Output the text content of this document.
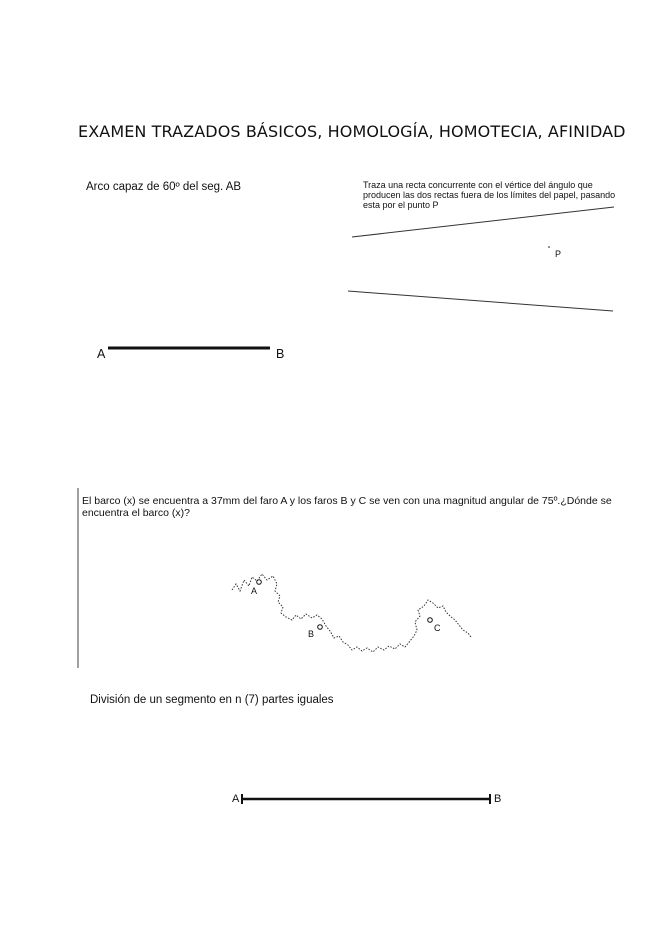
EXAMEN TRAZADOS BÁSICOS, HOMOLOGÍA, HOMOTECIA, AFINIDAD
Arco capaz de 60º del seg. AB
A	B
Traza una recta concurrente con el vértice del ángulo que producen las dos rectas fuera de los límites del papel, pasando esta por el punto P
P
El barco (x) se encuentra a 37mm del faro A y los faros B y C se ven con una magnitud angular de 75º.¿Dónde se encuentra el barco (x)?
A
B
C
División de un segmento en n (7) partes iguales
A	B
